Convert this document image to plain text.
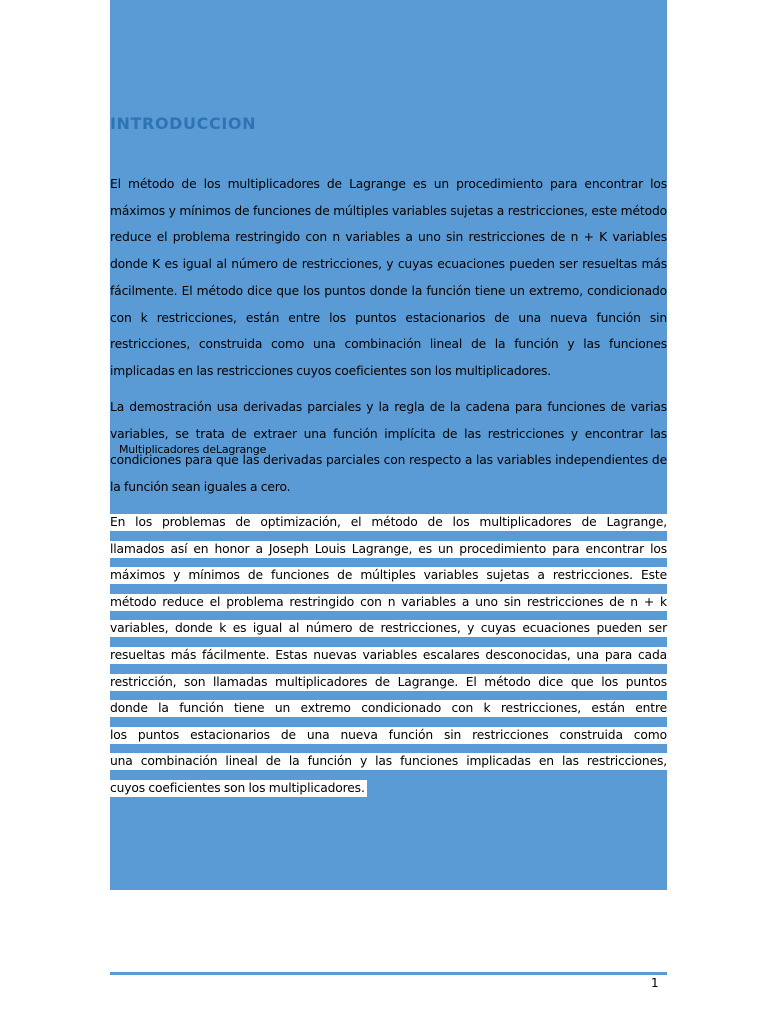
INTRODUCCION

El método de los multiplicadores de Lagrange es un procedimiento para encontrar los máximos y mínimos de funciones de múltiples variables sujetas a restricciones, este método reduce el problema restringido con n variables a uno sin restricciones de n + K variables donde K es igual al número de restricciones, y cuyas ecuaciones pueden ser resueltas más fácilmente. El método dice que los puntos donde la función tiene un extremo, condicionado con k restricciones, están entre los puntos estacionarios de una nueva función sin restricciones, construida como una combinación lineal de la función y las funciones implicadas en las restricciones cuyos coeficientes son los multiplicadores.

La demostración usa derivadas parciales y la regla de la cadena para funciones de varias variables, se trata de extraer una función implícita de las restricciones y encontrar las condiciones para que las derivadas parciales con respecto a las variables independientes de la función sean iguales a cero.

Multiplicadores deLagrange
En los problemas de optimización, el método de los multiplicadores de Lagrange,
llamados así en honor a Joseph Louis Lagrange, es un procedimiento para encontrar los
máximos y mínimos de funciones de múltiples variables sujetas a restricciones. Este
método reduce el problema restringido con n variables a uno sin restricciones de n + k
variables, donde k es igual al número de restricciones, y cuyas ecuaciones pueden ser
resueltas más fácilmente. Estas nuevas variables escalares desconocidas, una para cada
restricción, son llamadas multiplicadores de Lagrange. El método dice que los puntos
donde la función tiene un extremo condicionado con k restricciones, están entre
los puntos estacionarios de una nueva función sin restricciones construida como
una combinación lineal de la función y las funciones implicadas en las restricciones,
cuyos coeficientes son los multiplicadores.
1
